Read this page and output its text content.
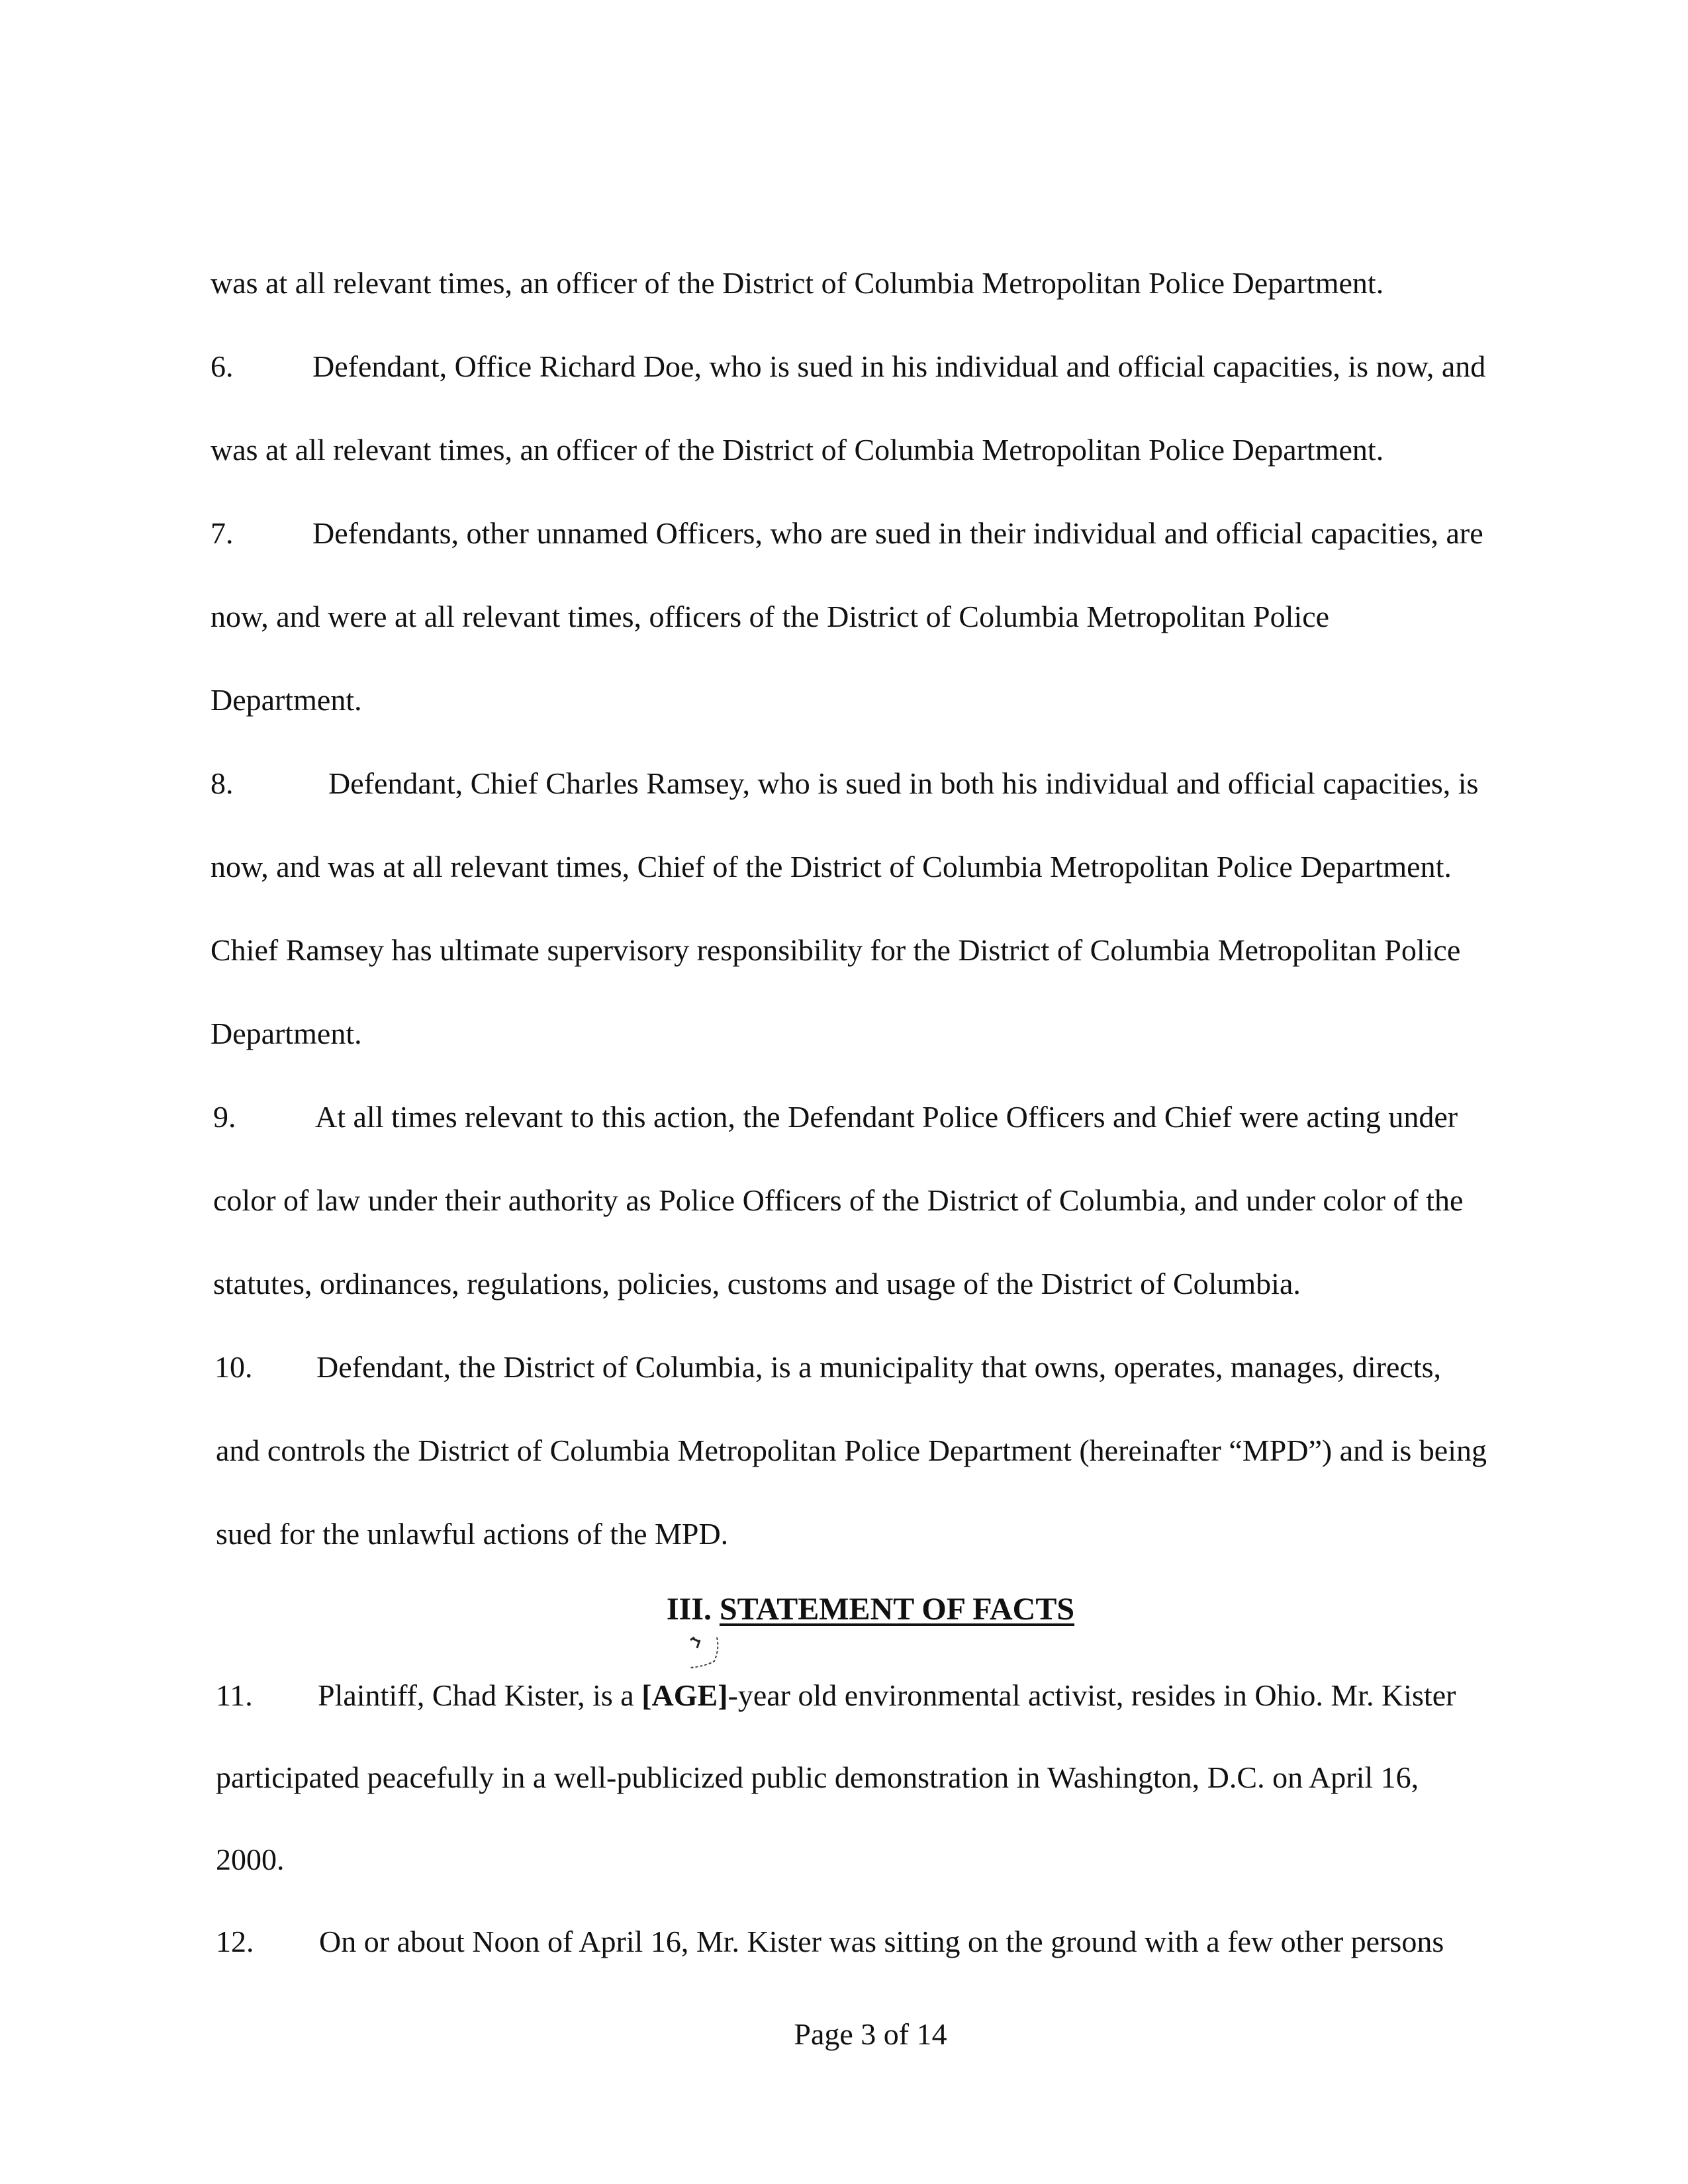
was at all relevant times, an officer of the District of Columbia Metropolitan Police Department.
6.	Defendant, Office Richard Doe, who is sued in his individual and official capacities, is now, and
was at all relevant times, an officer of the District of Columbia Metropolitan Police Department.
7.	Defendants, other unnamed Officers, who are sued in their individual and official capacities, are
now, and were at all relevant times, officers of the District of Columbia Metropolitan Police
Department.
8.	Defendant, Chief Charles Ramsey, who is sued in both his individual and official capacities, is
now, and was at all relevant times, Chief of the District of Columbia Metropolitan Police Department.
Chief Ramsey has ultimate supervisory responsibility for the District of Columbia Metropolitan Police
Department.
9.	At all times relevant to this action, the Defendant Police Officers and Chief were acting under
color of law under their authority as Police Officers of the District of Columbia, and under color of the
statutes, ordinances, regulations, policies, customs and usage of the District of Columbia.
10. Defendant, the District of Columbia, is a municipality that owns, operates, manages, directs,
and controls the District of Columbia Metropolitan Police Department (hereinafter “MPD”) and is being
sued for the unlawful actions of the MPD.
III. STATEMENT OF FACTS
11. Plaintiff, Chad Kister, is a [AGE]-year old environmental activist, resides in Ohio. Mr. Kister
participated peacefully in a well-publicized public demonstration in Washington, D.C. on April 16,
2000.
12. On or about Noon of April 16, Mr. Kister was sitting on the ground with a few other persons
Page 3 of 14
